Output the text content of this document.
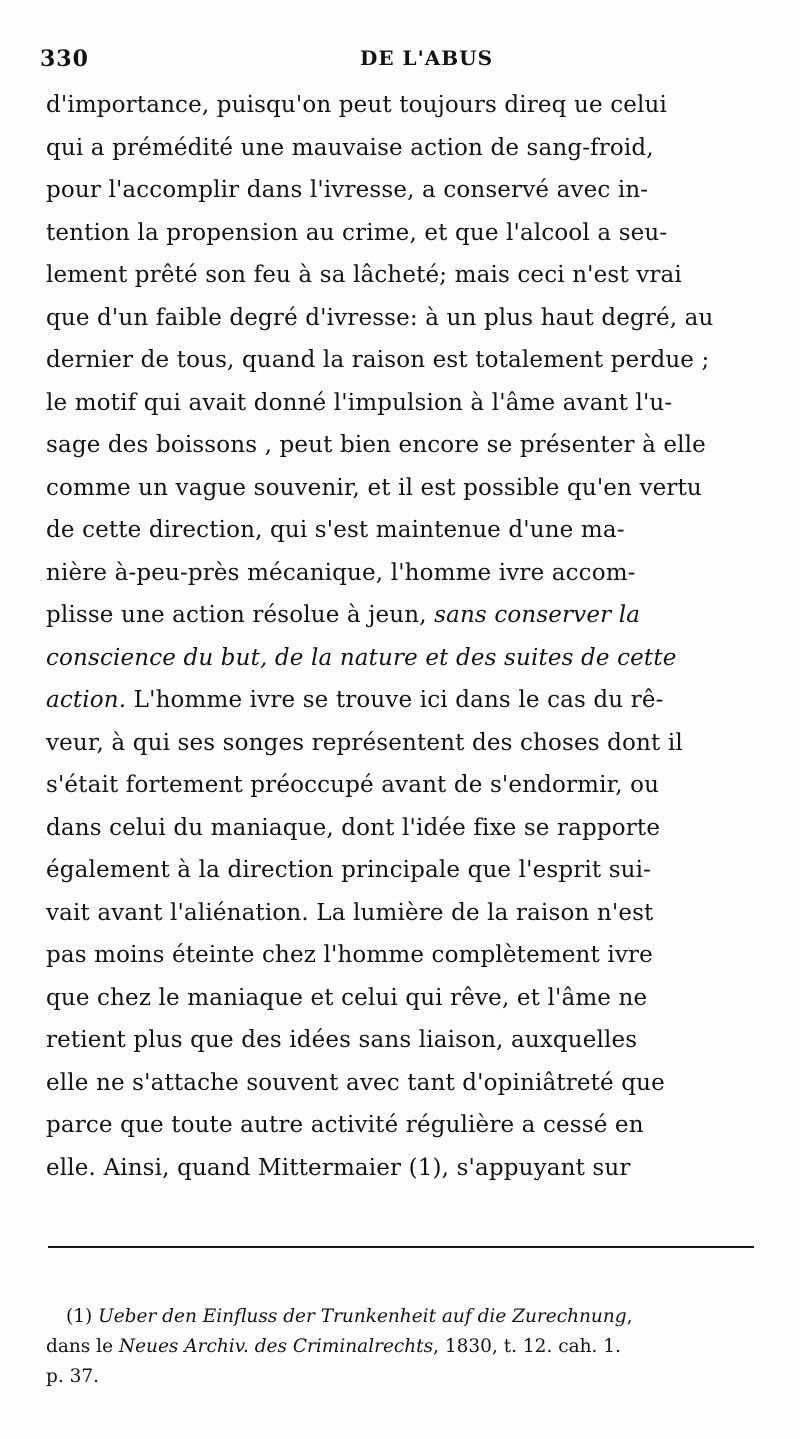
330	DE L'ABUS
d'importance, puisqu'on peut toujours direq ue celui
qui a prémédité une mauvaise action de sang-froid,
pour l'accomplir dans l'ivresse, a conservé avec in-
tention la propension au crime, et que l'alcool a seu-
lement prêté son feu à sa lâcheté; mais ceci n'est vrai
que d'un faible degré d'ivresse: à un plus haut degré, au
dernier de tous, quand la raison est totalement perdue ;
le motif qui avait donné l'impulsion à l'âme avant l'u-
sage des boissons , peut bien encore se présenter à elle
comme un vague souvenir, et il est possible qu'en vertu
de cette direction, qui s'est maintenue d'une ma-
nière à-peu-près mécanique, l'homme ivre accom-
plisse une action résolue à jeun, sans conserver la
conscience du but, de la nature et des suites de cette
action. L'homme ivre se trouve ici dans le cas du rê-
veur, à qui ses songes représentent des choses dont il
s'était fortement préoccupé avant de s'endormir, ou
dans celui du maniaque, dont l'idée fixe se rapporte
également à la direction principale que l'esprit sui-
vait avant l'aliénation. La lumière de la raison n'est
pas moins éteinte chez l'homme complètement ivre
que chez le maniaque et celui qui rêve, et l'âme ne
retient plus que des idées sans liaison, auxquelles
elle ne s'attache souvent avec tant d'opiniâtreté que
parce que toute autre activité régulière a cessé en
elle. Ainsi, quand Mittermaier (1), s'appuyant sur
(1) Ueber den Einfluss der Trunkenheit auf die Zurechnung,
dans le Neues Archiv. des Criminalrechts, 1830, t. 12. cah. 1.
p. 37.
